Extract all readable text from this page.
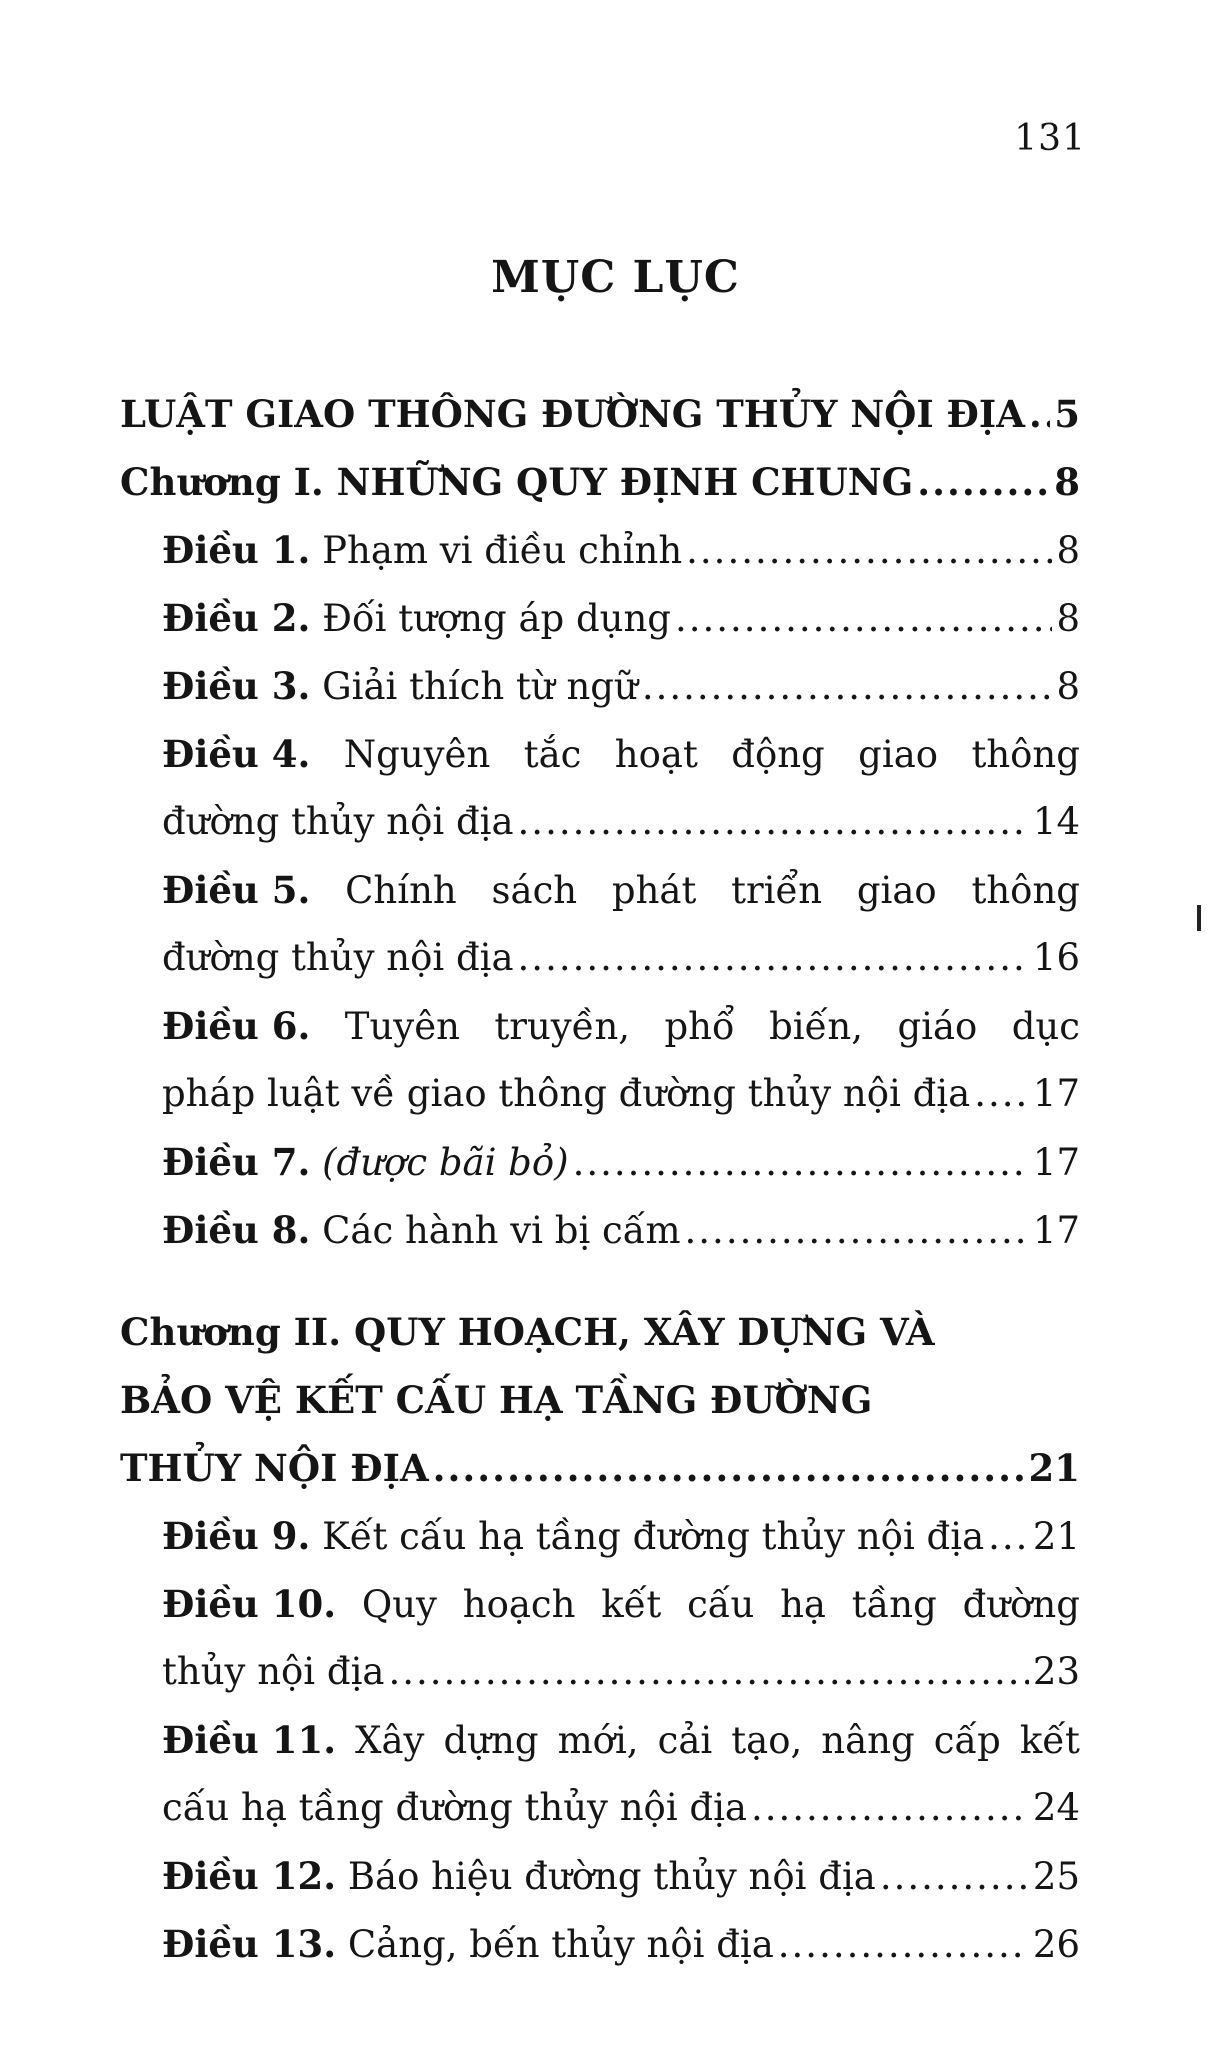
131
MỤC LỤC
LUẬT GIAO THÔNG ĐƯỜNG THỦY NỘI ĐỊA ..... 5
Chương I. NHỮNG QUY ĐỊNH CHUNG .....	8
Điều 1. Phạm vi điều chỉnh .....	8
Điều 2. Đối tượng áp dụng .....	8
Điều 3. Giải thích từ ngữ .....	8
Điều 4. Nguyên tắc hoạt động giao thông
đường thủy nội địa .....	14
Điều 5. Chính sách phát triển giao thông
đường thủy nội địa .....	16
Điều 6. Tuyên truyền, phổ biến, giáo dục
pháp luật về giao thông đường thủy nội địa ..... 17
Điều 7. (được bãi bỏ) .....	17
Điều 8. Các hành vi bị cấm .....	17
Chương II. QUY HOẠCH, XÂY DỰNG VÀ
BẢO VỆ KẾT CẤU HẠ TẦNG ĐƯỜNG
THỦY NỘI ĐỊA .....	21
Điều 9. Kết cấu hạ tầng đường thủy nội địa ..... 21
Điều 10. Quy hoạch kết cấu hạ tầng đường
thủy nội địa .....	23
Điều 11. Xây dựng mới, cải tạo, nâng cấp kết
cấu hạ tầng đường thủy nội địa .....	24
Điều 12. Báo hiệu đường thủy nội địa .....	25
Điều 13. Cảng, bến thủy nội địa .....	26
